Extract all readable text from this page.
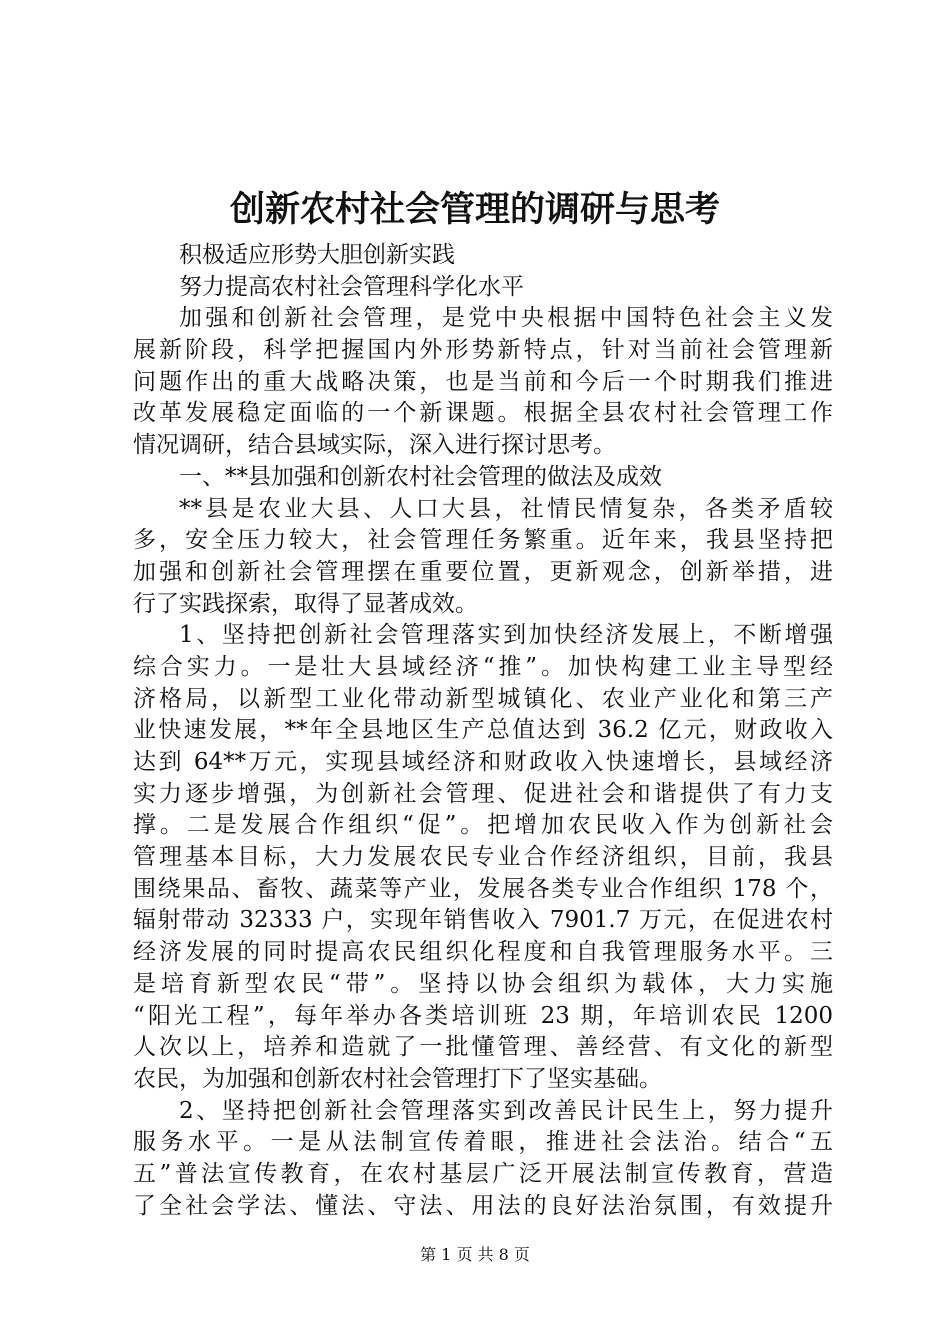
创新农村社会管理的调研与思考
积极适应形势大胆创新实践
努力提高农村社会管理科学化水平
加强和创新社会管理，是党中央根据中国特色社会主义发
展新阶段，科学把握国内外形势新特点，针对当前社会管理新
问题作出的重大战略决策，也是当前和今后一个时期我们推进
改革发展稳定面临的一个新课题。根据全县农村社会管理工作
情况调研，结合县域实际，深入进行探讨思考。
一、**县加强和创新农村社会管理的做法及成效
**县是农业大县、人口大县，社情民情复杂，各类矛盾较
多，安全压力较大，社会管理任务繁重。近年来，我县坚持把
加强和创新社会管理摆在重要位置，更新观念，创新举措，进
行了实践探索，取得了显著成效。
1、坚持把创新社会管理落实到加快经济发展上，不断增强
综合实力。一是壮大县域经济“推”。加快构建工业主导型经
济格局，以新型工业化带动新型城镇化、农业产业化和第三产
业快速发展，**年全县地区生产总值达到 36.2 亿元，财政收入
达到 64**万元，实现县域经济和财政收入快速增长，县域经济
实力逐步增强，为创新社会管理、促进社会和谐提供了有力支
撑。二是发展合作组织“促”。把增加农民收入作为创新社会
管理基本目标，大力发展农民专业合作经济组织，目前，我县
围绕果品、畜牧、蔬菜等产业，发展各类专业合作组织 178 个，
辐射带动 32333 户，实现年销售收入 7901.7 万元，在促进农村
经济发展的同时提高农民组织化程度和自我管理服务水平。三
是培育新型农民“带”。坚持以协会组织为载体，大力实施
“阳光工程”，每年举办各类培训班 23 期，年培训农民 1200
人次以上，培养和造就了一批懂管理、善经营、有文化的新型
农民，为加强和创新农村社会管理打下了坚实基础。
2、坚持把创新社会管理落实到改善民计民生上，努力提升
服务水平。一是从法制宣传着眼，推进社会法治。结合“五
五”普法宣传教育，在农村基层广泛开展法制宣传教育，营造
了全社会学法、懂法、守法、用法的良好法治氛围，有效提升
第 1 页 共 8 页
